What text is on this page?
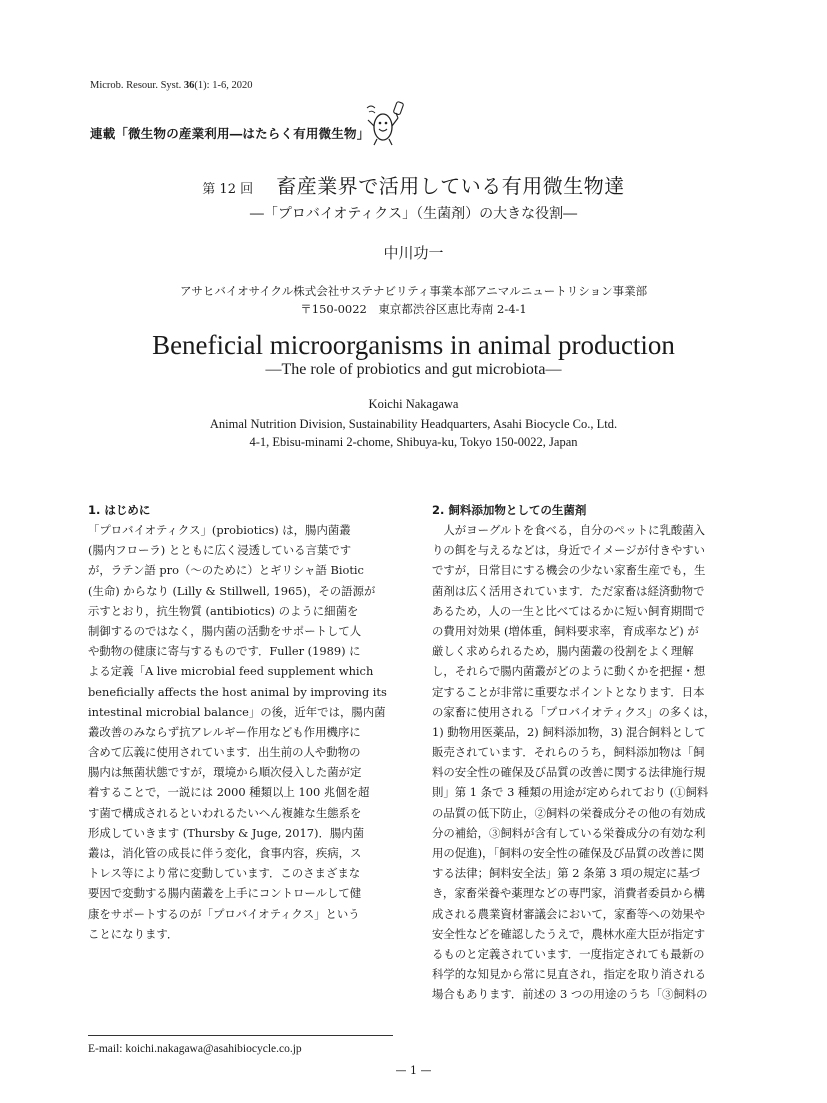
Microb. Resour. Syst. 36(1): 1-6, 2020
連載「微生物の産業利用―はたらく有用微生物」
第 12 回 畜産業界で活用している有用微生物達
―「プロバイオティクス」（生菌剤）の大きな役割―
中川功一
アサヒバイオサイクル株式会社サステナビリティ事業本部アニマルニュートリション事業部
〒150-0022　東京都渋谷区恵比寿南 2-4-1
Beneficial microorganisms in animal production
―The role of probiotics and gut microbiota―
Koichi Nakagawa
Animal Nutrition Division, Sustainability Headquarters, Asahi Biocycle Co., Ltd.
4-1, Ebisu-minami 2-chome, Shibuya-ku, Tokyo 150-0022, Japan
1. はじめに
「プロバイオティクス」(probiotics) は，腸内菌叢
(腸内フローラ) とともに広く浸透している言葉です
が，ラテン語 pro（〜のために）とギリシャ語 Biotic
(生命) からなり (Lilly & Stillwell, 1965)，その語源が
示すとおり，抗生物質 (antibiotics) のように細菌を
制御するのではなく，腸内菌の活動をサポートして人
や動物の健康に寄与するものです．Fuller (1989) に
よる定義「A live microbial feed supplement which
beneficially affects the host animal by improving its
intestinal microbial balance」の後，近年では，腸内菌
叢改善のみならず抗アレルギー作用なども作用機序に
含めて広義に使用されています．出生前の人や動物の
腸内は無菌状態ですが，環境から順次侵入した菌が定
着することで，一説には 2000 種類以上 100 兆個を超
す菌で構成されるといわれるたいへん複雑な生態系を
形成していきます (Thursby & Juge, 2017)．腸内菌
叢は，消化管の成長に伴う変化，食事内容，疾病，ス
トレス等により常に変動しています．このさまざまな
要因で変動する腸内菌叢を上手にコントロールして健
康をサポートするのが「プロバイオティクス」という
ことになります．
2. 飼料添加物としての生菌剤
　人がヨーグルトを食べる，自分のペットに乳酸菌入
りの餌を与えるなどは，身近でイメージが付きやすい
ですが，日常目にする機会の少ない家畜生産でも，生
菌剤は広く活用されています．ただ家畜は経済動物で
あるため，人の一生と比べてはるかに短い飼育期間で
の費用対効果 (増体重，飼料要求率，育成率など) が
厳しく求められるため，腸内菌叢の役割をよく理解
し，それらで腸内菌叢がどのように動くかを把握・想
定することが非常に重要なポイントとなります．日本
の家畜に使用される「プロバイオティクス」の多くは，
1) 動物用医薬品，2) 飼料添加物，3) 混合飼料として
販売されています．それらのうち，飼料添加物は「飼
料の安全性の確保及び品質の改善に関する法律施行規
則」第 1 条で 3 種類の用途が定められており (①飼料
の品質の低下防止，②飼料の栄養成分その他の有効成
分の補給，③飼料が含有している栄養成分の有効な利
用の促進)，「飼料の安全性の確保及び品質の改善に関
する法律；飼料安全法」第 2 条第 3 項の規定に基づ
き，家畜栄養や薬理などの専門家，消費者委員から構
成される農業資材審議会において，家畜等への効果や
安全性などを確認したうえで，農林水産大臣が指定す
るものと定義されています．一度指定されても最新の
科学的な知見から常に見直され，指定を取り消される
場合もあります．前述の 3 つの用途のうち「③飼料の
E-mail: koichi.nakagawa@asahibiocycle.co.jp
— 1 —
